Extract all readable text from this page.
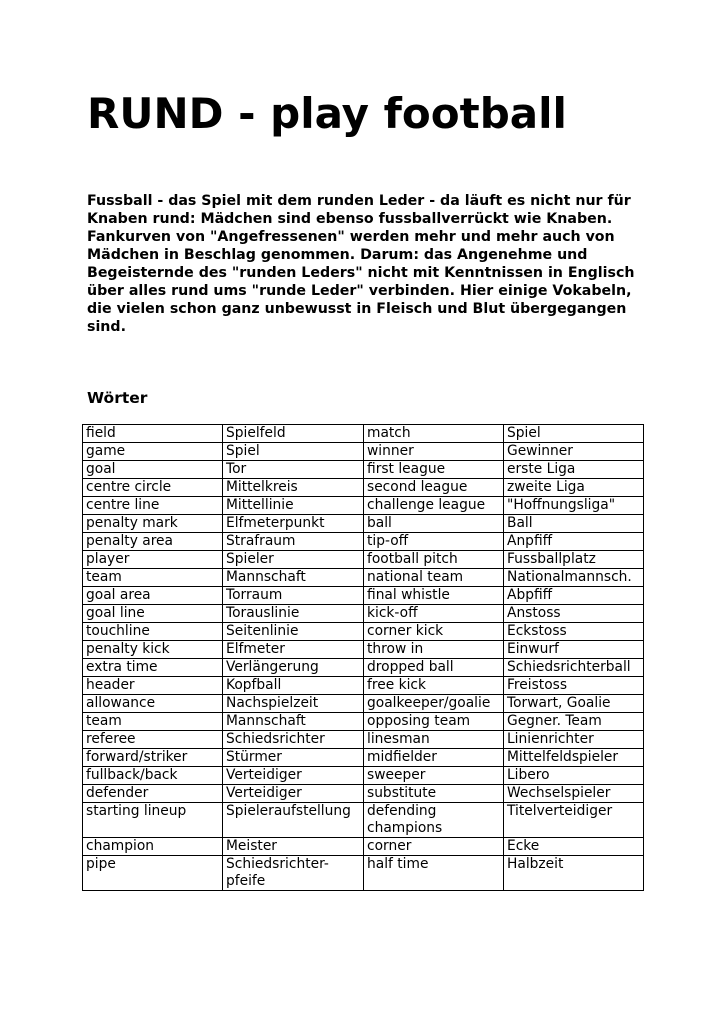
RUND - play football

Fussball - das Spiel mit dem runden Leder - da läuft es nicht nur für Knaben rund: Mädchen sind ebenso fussballverrückt wie Knaben. Fankurven von "Angefressenen" werden mehr und mehr auch von Mädchen in Beschlag genommen. Darum: das Angenehme und Begeisternde des "runden Leders" nicht mit Kenntnissen in Englisch über alles rund ums "runde Leder" verbinden. Hier einige Vokabeln, die vielen schon ganz unbewusst in Fleisch und Blut übergegangen sind.

Wörter
field	Spielfeld	match	Spiel
game	Spiel	winner	Gewinner
goal	Tor	first league	erste Liga
centre circle	Mittelkreis	second league	zweite Liga
centre line	Mittellinie	challenge league	"Hoffnungsliga"
penalty mark	Elfmeterpunkt	ball	Ball
penalty area	Strafraum	tip-off	Anpfiff
player	Spieler	football pitch	Fussballplatz
team	Mannschaft	national team	Nationalmannsch.
goal area	Torraum	final whistle	Abpfiff
goal line	Torauslinie	kick-off	Anstoss
touchline	Seitenlinie	corner kick	Eckstoss
penalty kick	Elfmeter	throw in	Einwurf
extra time	Verlängerung	dropped ball	Schiedsrichterball
header	Kopfball	free kick	Freistoss
allowance	Nachspielzeit	goalkeeper/goalie	Torwart, Goalie
team	Mannschaft	opposing team	Gegner. Team
referee	Schiedsrichter	linesman	Linienrichter
forward/striker	Stürmer	midfielder	Mittelfeldspieler
fullback/back	Verteidiger	sweeper	Libero
defender	Verteidiger	substitute	Wechselspieler
starting lineup	Spieleraufstellung	defending champions	Titelverteidiger
champion	Meister	corner	Ecke
pipe	Schiedsrichter-pfeife	half time	Halbzeit
